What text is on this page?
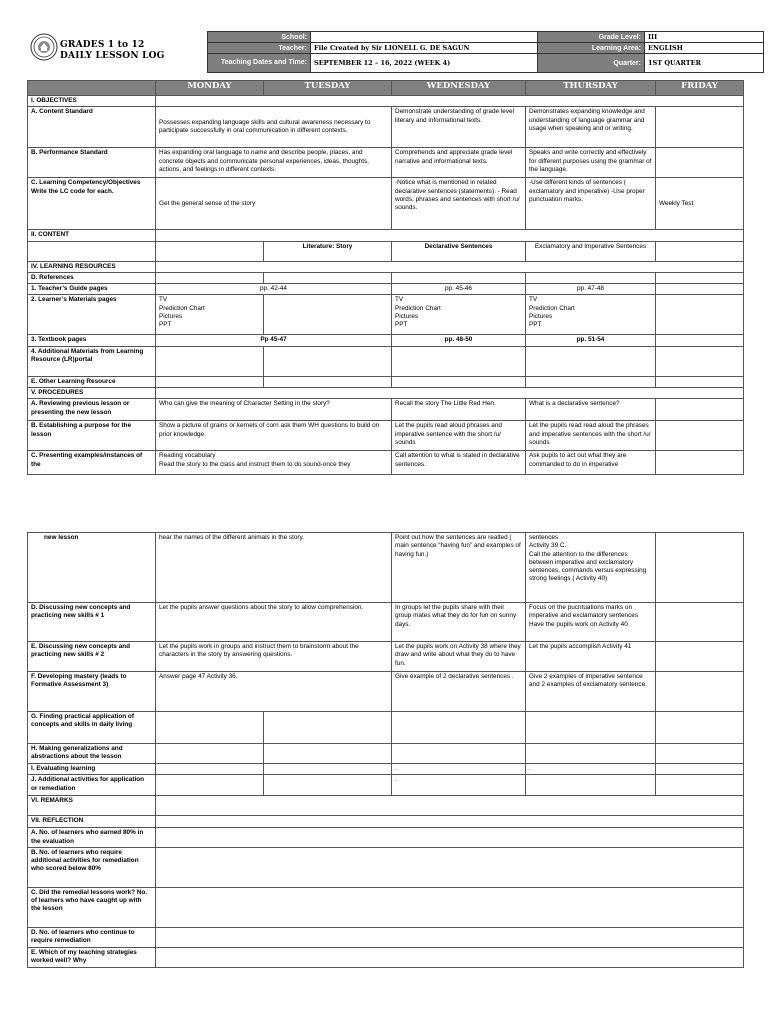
GRADES 1 to 12
DAILY LESSON LOG
School:		Grade Level:	III
Teacher:	File Created by Sir LIONELL G. DE SAGUN	Learning Area:	ENGLISH
Teaching Dates and Time:	SEPTEMBER 12 – 16, 2022 (WEEK 4)	Quarter:	1ST QUARTER
	MONDAY	TUESDAY	WEDNESDAY	THURSDAY	FRIDAY
I. OBJECTIVES					
A. Content Standard	Possesses expanding language skills and cultural awareness necessary to participate successfully in oral communication in different contexts.		Demonstrate understanding of grade level literary and informational texts.	Demonstrates expanding knowledge and understanding of language grammar and usage when speaking and or writing.	
B. Performance Standard	Has expanding oral language to name and describe people, places, and concrete objects and communicate personal experiences, ideas, thoughts, actions, and feelings in different contexts.		Comprehends and appreciate grade level narrative and informational texts.	Speaks and write correctly and effectively for different purposes using the grammar of the language.	
C. Learning Competency/Objectives Write the LC code for each.	Get the general sense of the story		-Notice what is mentioned in related declarative sentences (statements). - Read words, phrases and sentences with short /u/ sounds.	-Use different kinds of sentences ( exclamatory and imperative) -Use proper punctuation marks.	Weekly Test
II. CONTENT					
		Literature: Story	Declarative Sentences	Exclamatory and Imperative Sentences	
IV. LEARNING RESOURCES					
D. References					
1. Teacher’s Guide pages	pp. 42-44		pp. 45-46	pp. 47-48	
2. Learner’s Materials pages	TV
Prediction Chart
Pictures
PPT		TV
Prediction Chart
Pictures
PPT	TV
Prediction Chart
Pictures
PPT	
3. Textbook pages	Pp 45-47		pp. 48-50	pp. 51-54	
4. Additional Materials from Learning Resource (LR)portal					
E. Other Learning Resource					
V. PROCEDURES					
A. Reviewing previous lesson or presenting the new lesson	Who can give the meaning of Character Setting in the story?		Recall the story The Little Red Hen.	What is a declarative sentence?	
B. Establishing a purpose for the lesson	Show a picture of grains or kernels of corn ask them WH questions to build on prior knowledge.		Let the pupils read aloud phrases and imperative sentence with the short /u/ sounds	Let the pupils read read aloud the phrases and imperative sentences with the short /u/ sounds	
C. Presenting examples/instances of the	Reading vocabulary
Read the story to the class and instruct them to do sound-once they		Call attention to what is stated in declarative sentences.	Ask pupils to act out what they are commanded to do in imperative	
new lesson	hear the names of the different animals in the story.		Point out how the sentences are realted ( main sentence “having fun” and examples of having fun.)	sentences
Activity 39 C.
Call the attention to the differences between imperative and exclamatory sentences, commands versus expressing strong feelings ( Activity 40)	
D. Discussing new concepts and practicing new skills # 1	Let the pupils answer questions about the story to allow comprehension.		In groups let the pupils share with their group mates what they do for fun on sunny days.	Focus on the pucntuations marks on imperative and exclamatory sentences
Have the pupils work on Activity 40	
E. Discussing new concepts and practicing new skills # 2	Let the pupils work in groups and instruct them to brainstorm about the characters in the story by answering questions.		Let the pupils work on Activity 38 where they draw and write about what they do to have fun.	Let the pupils accomplish Activity 41	
F. Developing mastery (leads to Formative Assessment 3)	Answer page 47 Activity 36.		Give example of 2 declarative sentences .	Give 2 examples of imperative sentence and 2 examples of exclamatory sentence.	
G. Finding practical application of concepts and skills in daily living					
H. Making generalizations and abstractions about the lesson					
I. Evaluating learning			.	.	
J. Additional activities for application or remediation			.		
VI. REMARKS					
VII. REFLECTION					
A. No. of learners who earned 80% in the evaluation					
B. No. of learners who require additional activities for remediation who scored below 80%					
C. Did the remedial lessons work? No. of learners who have caught up with the lesson					
D. No. of learners who continue to require remediation					
E. Which of my teaching strategies worked well? Why					
